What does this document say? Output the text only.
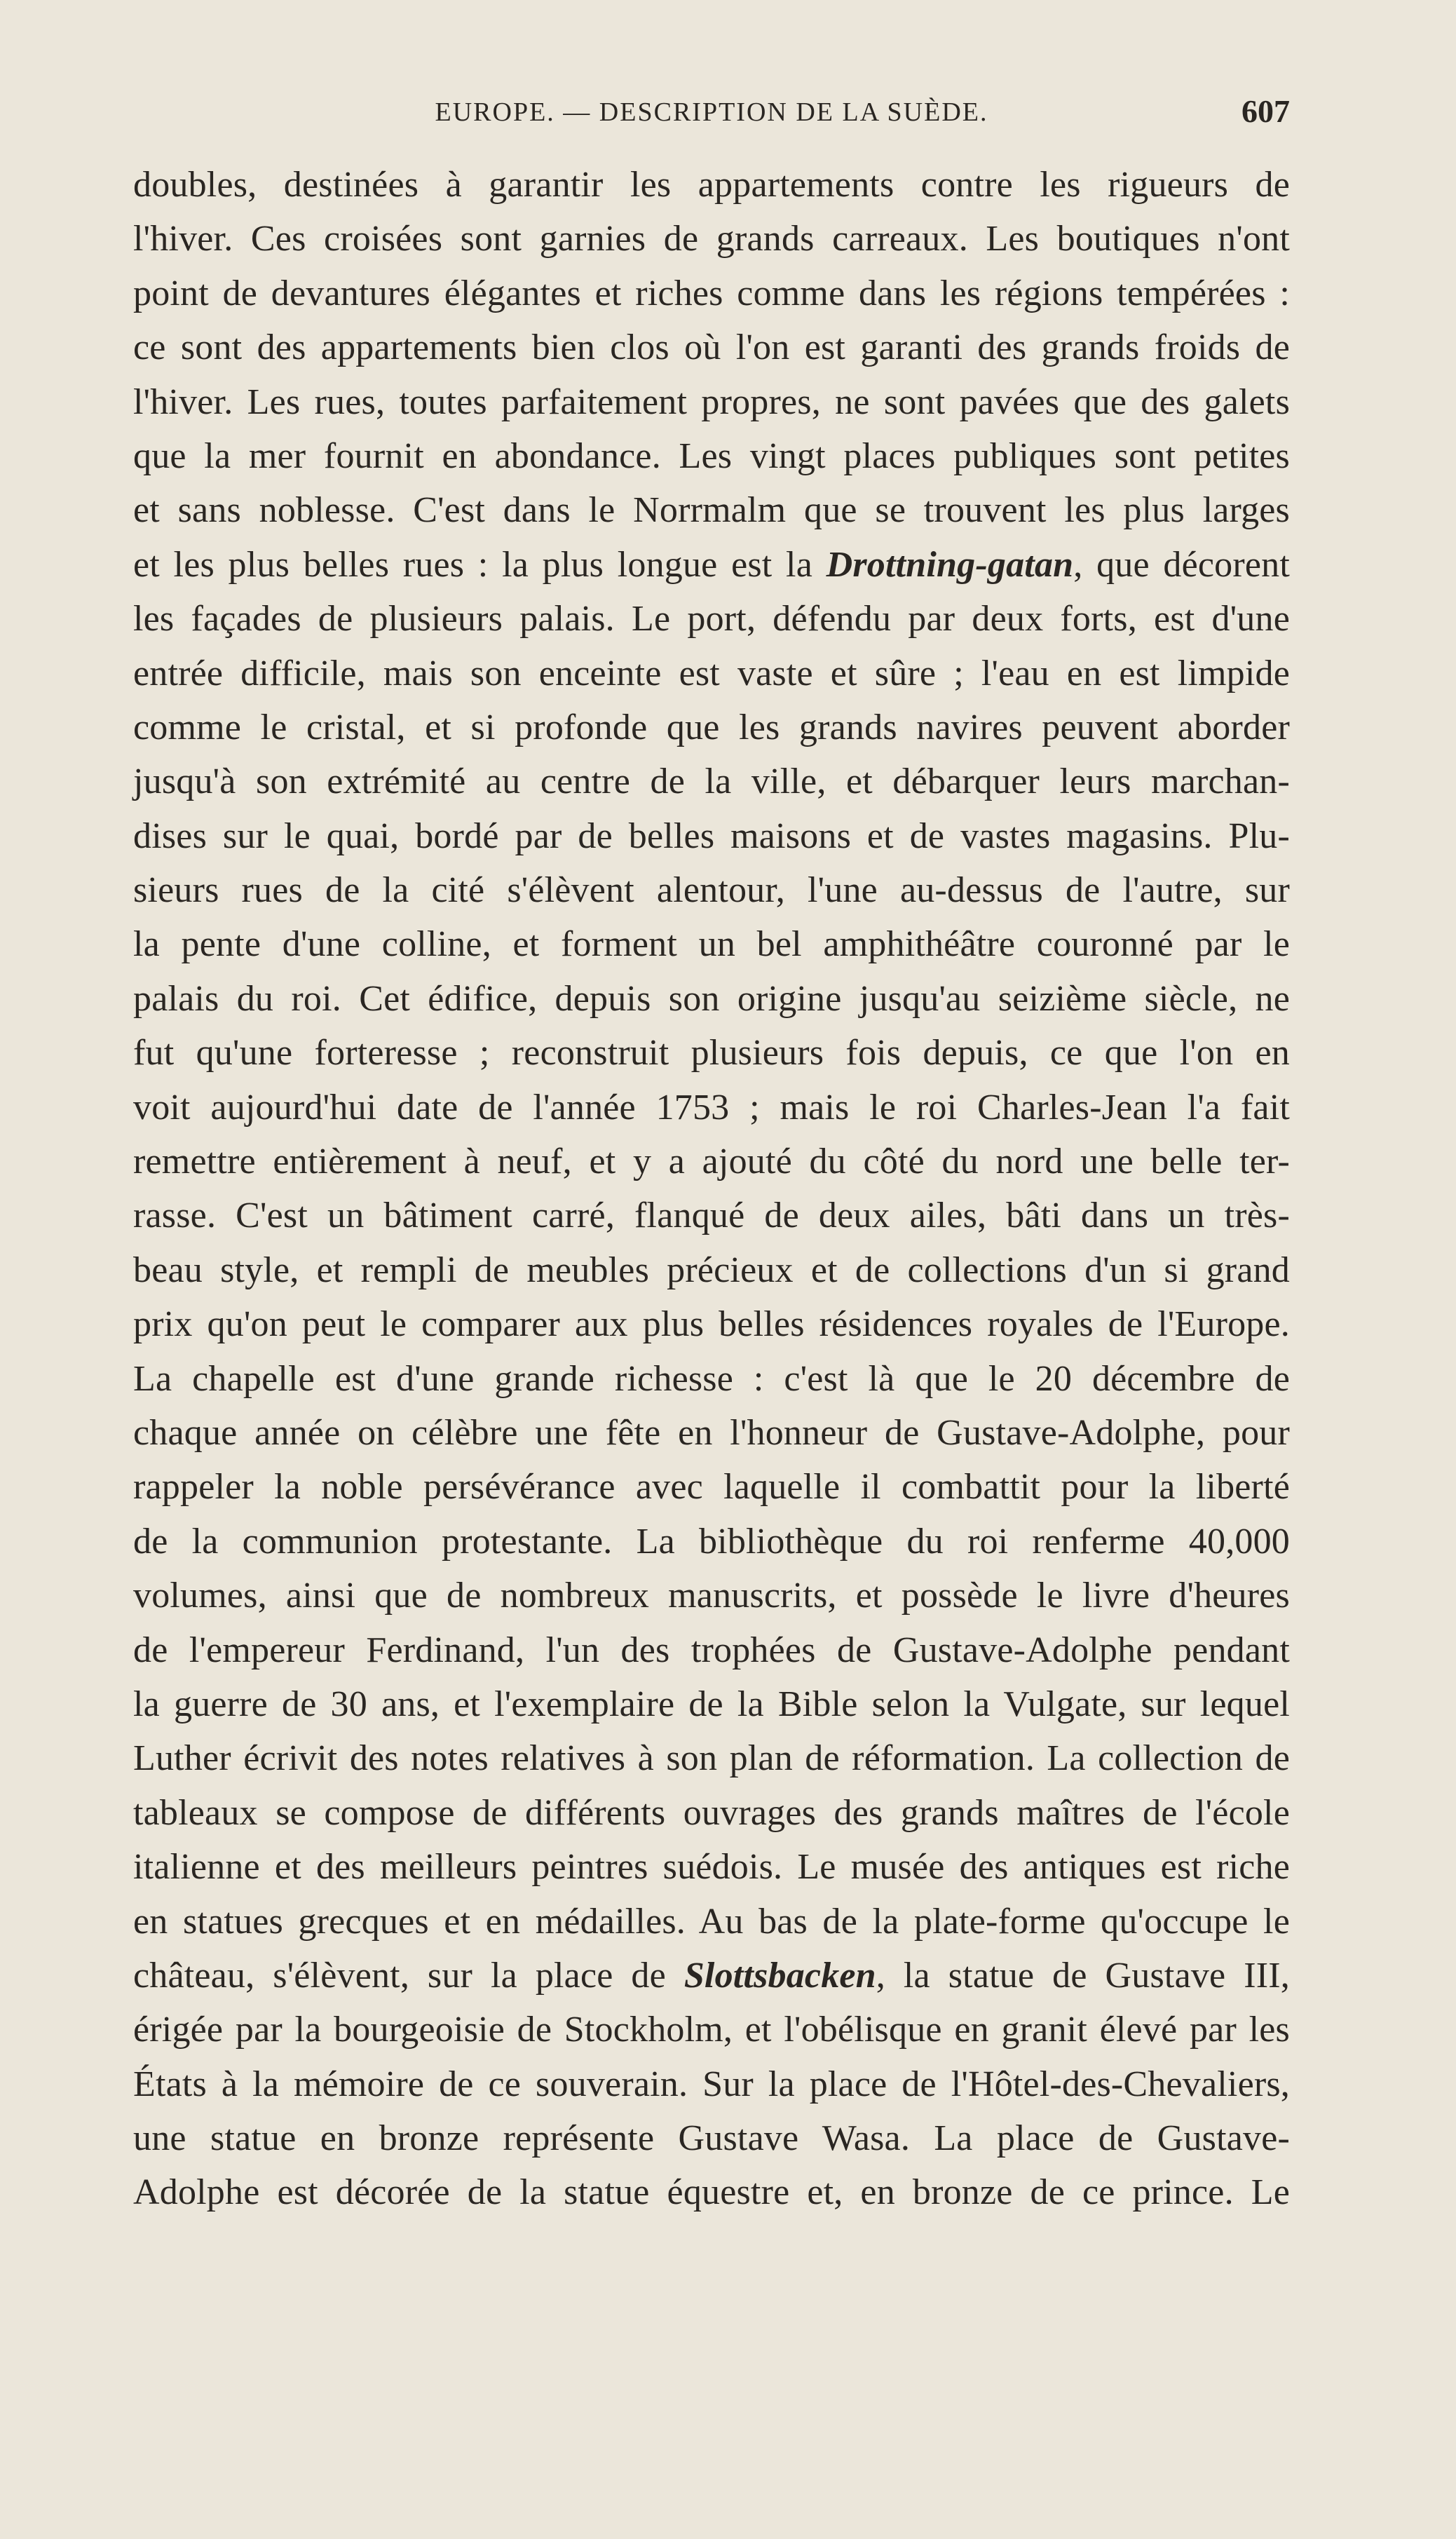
EUROPE. — DESCRIPTION DE LA SUÈDE.	607
doubles, destinées à garantir les appartements contre les rigueurs de
l'hiver. Ces croisées sont garnies de grands carreaux. Les boutiques n'ont
point de devantures élégantes et riches comme dans les régions tempérées :
ce sont des appartements bien clos où l'on est garanti des grands froids de
l'hiver. Les rues, toutes parfaitement propres, ne sont pavées que des galets
que la mer fournit en abondance. Les vingt places publiques sont petites
et sans noblesse. C'est dans le Norrmalm que se trouvent les plus larges
et les plus belles rues : la plus longue est la Drottning-gatan, que décorent
les façades de plusieurs palais. Le port, défendu par deux forts, est d'une
entrée difficile, mais son enceinte est vaste et sûre ; l'eau en est limpide
comme le cristal, et si profonde que les grands navires peuvent aborder
jusqu'à son extrémité au centre de la ville, et débarquer leurs marchan-
dises sur le quai, bordé par de belles maisons et de vastes magasins. Plu-
sieurs rues de la cité s'élèvent alentour, l'une au-dessus de l'autre, sur
la pente d'une colline, et forment un bel amphithéâtre couronné par le
palais du roi. Cet édifice, depuis son origine jusqu'au seizième siècle, ne
fut qu'une forteresse ; reconstruit plusieurs fois depuis, ce que l'on en
voit aujourd'hui date de l'année 1753 ; mais le roi Charles-Jean l'a fait
remettre entièrement à neuf, et y a ajouté du côté du nord une belle ter-
rasse. C'est un bâtiment carré, flanqué de deux ailes, bâti dans un très-
beau style, et rempli de meubles précieux et de collections d'un si grand
prix qu'on peut le comparer aux plus belles résidences royales de l'Europe.
La chapelle est d'une grande richesse : c'est là que le 20 décembre de
chaque année on célèbre une fête en l'honneur de Gustave-Adolphe, pour
rappeler la noble persévérance avec laquelle il combattit pour la liberté
de la communion protestante. La bibliothèque du roi renferme 40,000
volumes, ainsi que de nombreux manuscrits, et possède le livre d'heures
de l'empereur Ferdinand, l'un des trophées de Gustave-Adolphe pendant
la guerre de 30 ans, et l'exemplaire de la Bible selon la Vulgate, sur lequel
Luther écrivit des notes relatives à son plan de réformation. La collection de
tableaux se compose de différents ouvrages des grands maîtres de l'école
italienne et des meilleurs peintres suédois. Le musée des antiques est riche
en statues grecques et en médailles. Au bas de la plate-forme qu'occupe le
château, s'élèvent, sur la place de Slottsbacken, la statue de Gustave III,
érigée par la bourgeoisie de Stockholm, et l'obélisque en granit élevé par les
États à la mémoire de ce souverain. Sur la place de l'Hôtel-des-Chevaliers,
une statue en bronze représente Gustave Wasa. La place de Gustave-
Adolphe est décorée de la statue équestre et, en bronze de ce prince. Le
